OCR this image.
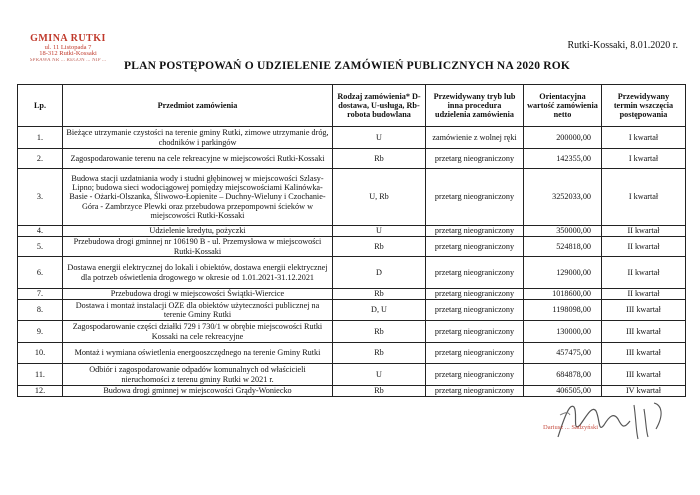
GMINA RUTKI
ul. 11 Listopada 7
18-312 Rutki-Kossaki
SPRAWA NR ... REGON ... NIP ...
Rutki-Kossaki, 8.01.2020 r.
PLAN POSTĘPOWAŃ O UDZIELENIE ZAMÓWIEŃ PUBLICZNYCH NA 2020 ROK
Lp.	Przedmiot zamówienia	Rodzaj zamówienia* D-dostawa, U-usługa, Rb-robota budowlana	Przewidywany tryb lub inna procedura udzielenia zamówienia	Orientacyjna wartość zamówienia netto	Przewidywany termin wszczęcia postępowania
1.	Bieżące utrzymanie czystości na terenie gminy Rutki, zimowe utrzymanie dróg, chodników i parkingów	U	zamówienie z wolnej ręki	200000,00	I kwartał
2.	Zagospodarowanie terenu na cele rekreacyjne w miejscowości Rutki-Kossaki	Rb	przetarg nieograniczony	142355,00	I kwartał
3.	Budowa stacji uzdatniania wody i studni głębinowej w miejscowości Szlasy-Lipno; budowa sieci wodociągowej pomiędzy miejscowościami Kalinówka-Basie - Ożarki-Olszanka, Śliwowo-Łopienite – Duchny-Wieluny i Czochanie-Góra - Zambrzyce Plewki oraz przebudowa przepompowni ścieków w miejscowości Rutki-Kossaki	U, Rb	przetarg nieograniczony	3252033,00	I kwartał
4.	Udzielenie kredytu, pożyczki	U	przetarg nieograniczony	350000,00	II kwartał
5.	Przebudowa drogi gminnej nr 106190 B - ul. Przemysłowa w miejscowości Rutki-Kossaki	Rb	przetarg nieograniczony	524818,00	II kwartał
6.	Dostawa energii elektrycznej do lokali i obiektów, dostawa energii elektrycznej dla potrzeb oświetlenia drogowego w okresie od 1.01.2021-31.12.2021	D	przetarg nieograniczony	129000,00	II kwartał
7.	Przebudowa drogi w miejscowości Świątki-Wiercice	Rb	przetarg nieograniczony	1018600,00	II kwartał
8.	Dostawa i montaż instalacji OZE dla obiektów użyteczności publicznej na terenie Gminy Rutki	D, U	przetarg nieograniczony	1198098,00	III kwartał
9.	Zagospodarowanie części działki 729 i 730/1 w obrębie miejscowości Rutki Kossaki na cele rekreacyjne	Rb	przetarg nieograniczony	130000,00	III kwartał
10.	Montaż i wymiana oświetlenia energooszczędnego na terenie Gminy Rutki	Rb	przetarg nieograniczony	457475,00	III kwartał
11.	Odbiór i zagospodarowanie odpadów komunalnych od właścicieli nieruchomości z terenu gminy Rutki w 2021 r.	U	przetarg nieograniczony	684878,00	III kwartał
12.	Budowa drogi gminnej w miejscowości Grądy-Woniecko	Rb	przetarg nieograniczony	406505,00	IV kwartał
Dariusz ... Sadzyński
